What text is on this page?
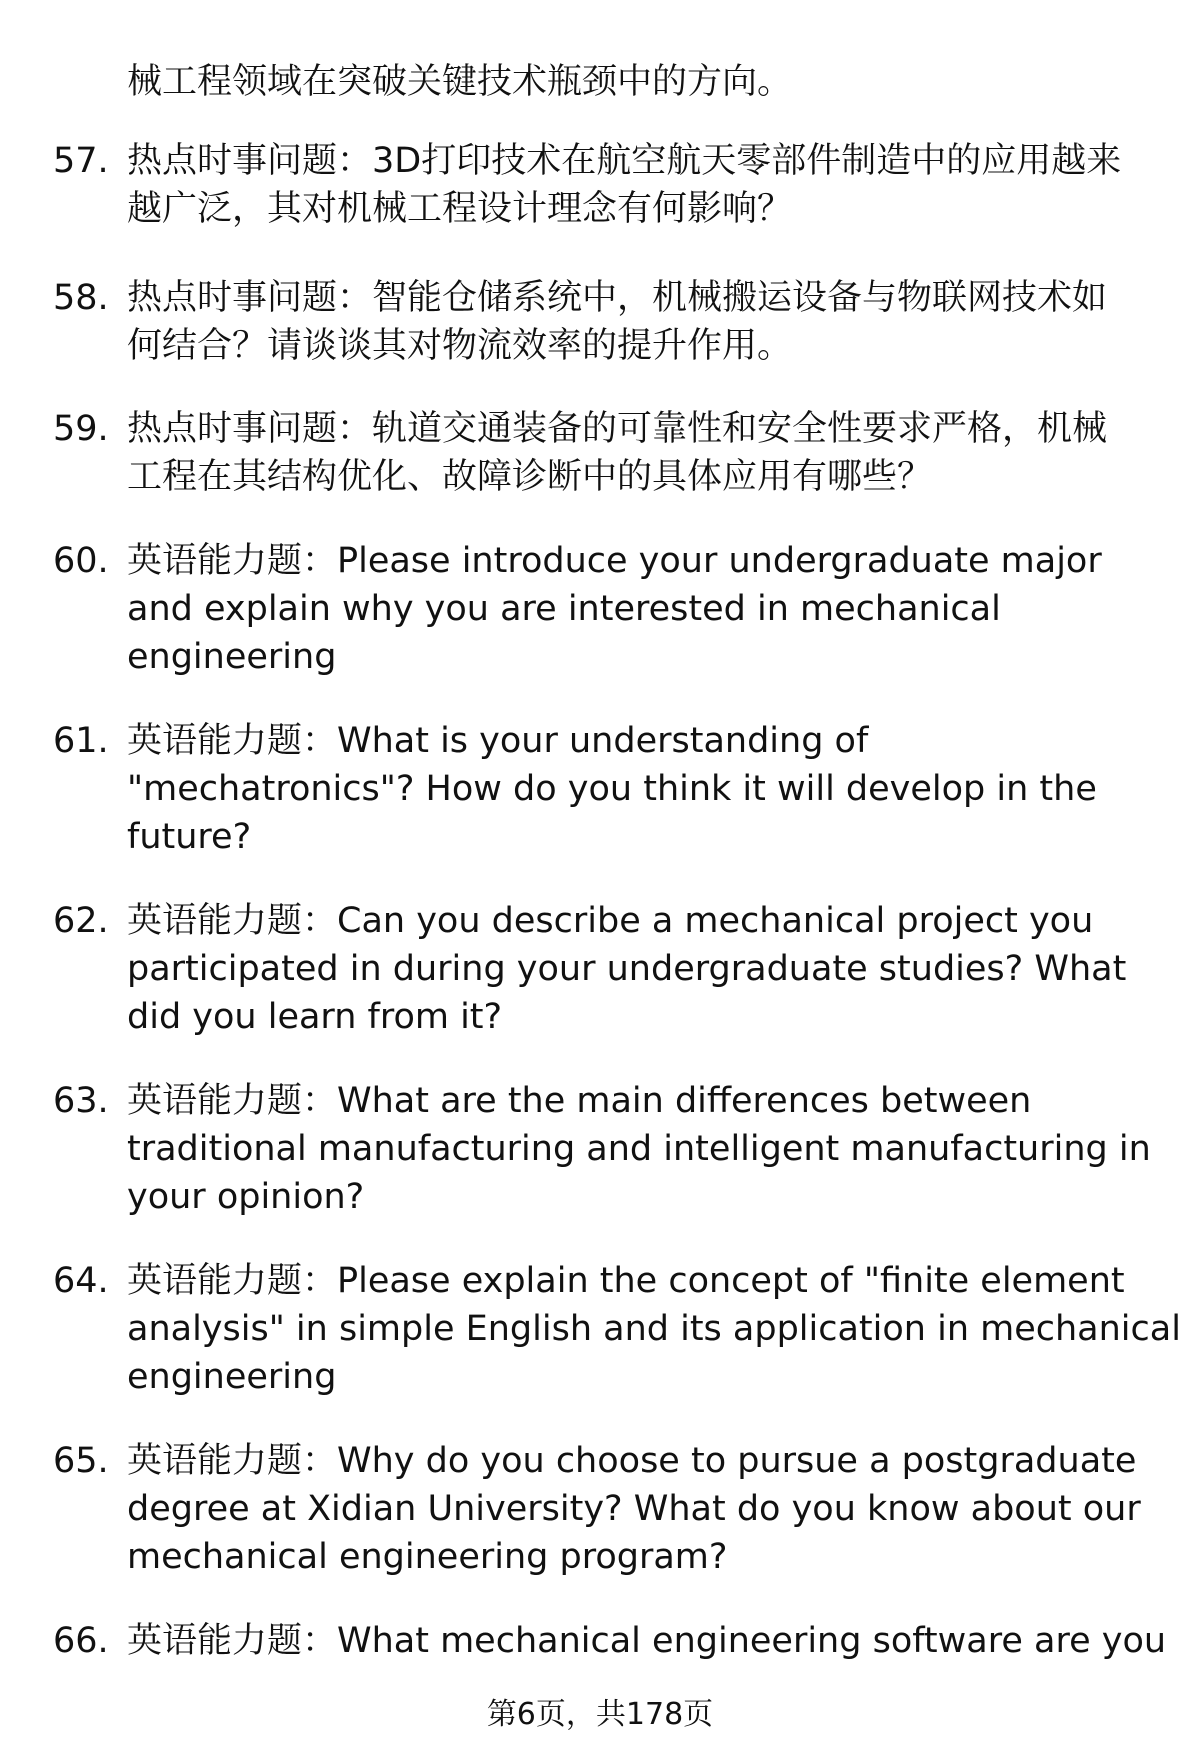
械工程领域在突破关键技术瓶颈中的方向。
57. 热点时事问题：3D打印技术在航空航天零部件制造中的应用越来
越广泛，其对机械工程设计理念有何影响？
58. 热点时事问题：智能仓储系统中，机械搬运设备与物联网技术如
何结合？请谈谈其对物流效率的提升作用。
59. 热点时事问题：轨道交通装备的可靠性和安全性要求严格，机械
工程在其结构优化、故障诊断中的具体应用有哪些？
60. 英语能力题：Please introduce your undergraduate major
and explain why you are interested in mechanical
engineering
61. 英语能力题：What is your understanding of
"mechatronics"? How do you think it will develop in the
future?
62. 英语能力题：Can you describe a mechanical project you
participated in during your undergraduate studies? What
did you learn from it?
63. 英语能力题：What are the main differences between
traditional manufacturing and intelligent manufacturing in
your opinion?
64. 英语能力题：Please explain the concept of "finite element
analysis" in simple English and its application in mechanical
engineering
65. 英语能力题：Why do you choose to pursue a postgraduate
degree at Xidian University? What do you know about our
mechanical engineering program?
66. 英语能力题：What mechanical engineering software are you
第6页，共178页
